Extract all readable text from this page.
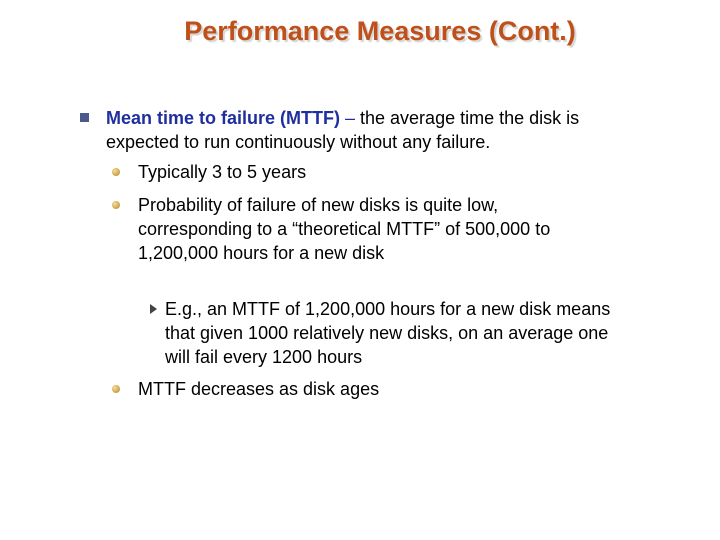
Performance Measures (Cont.)
Mean time to failure (MTTF) – the average time the disk is expected to run continuously without any failure.
Typically 3 to 5 years
Probability of failure of new disks is quite low, corresponding to a “theoretical MTTF” of 500,000 to 1,200,000 hours for a new disk
E.g., an MTTF of 1,200,000 hours for a new disk means that given 1000 relatively new disks, on an average one will fail every 1200 hours
MTTF decreases as disk ages
